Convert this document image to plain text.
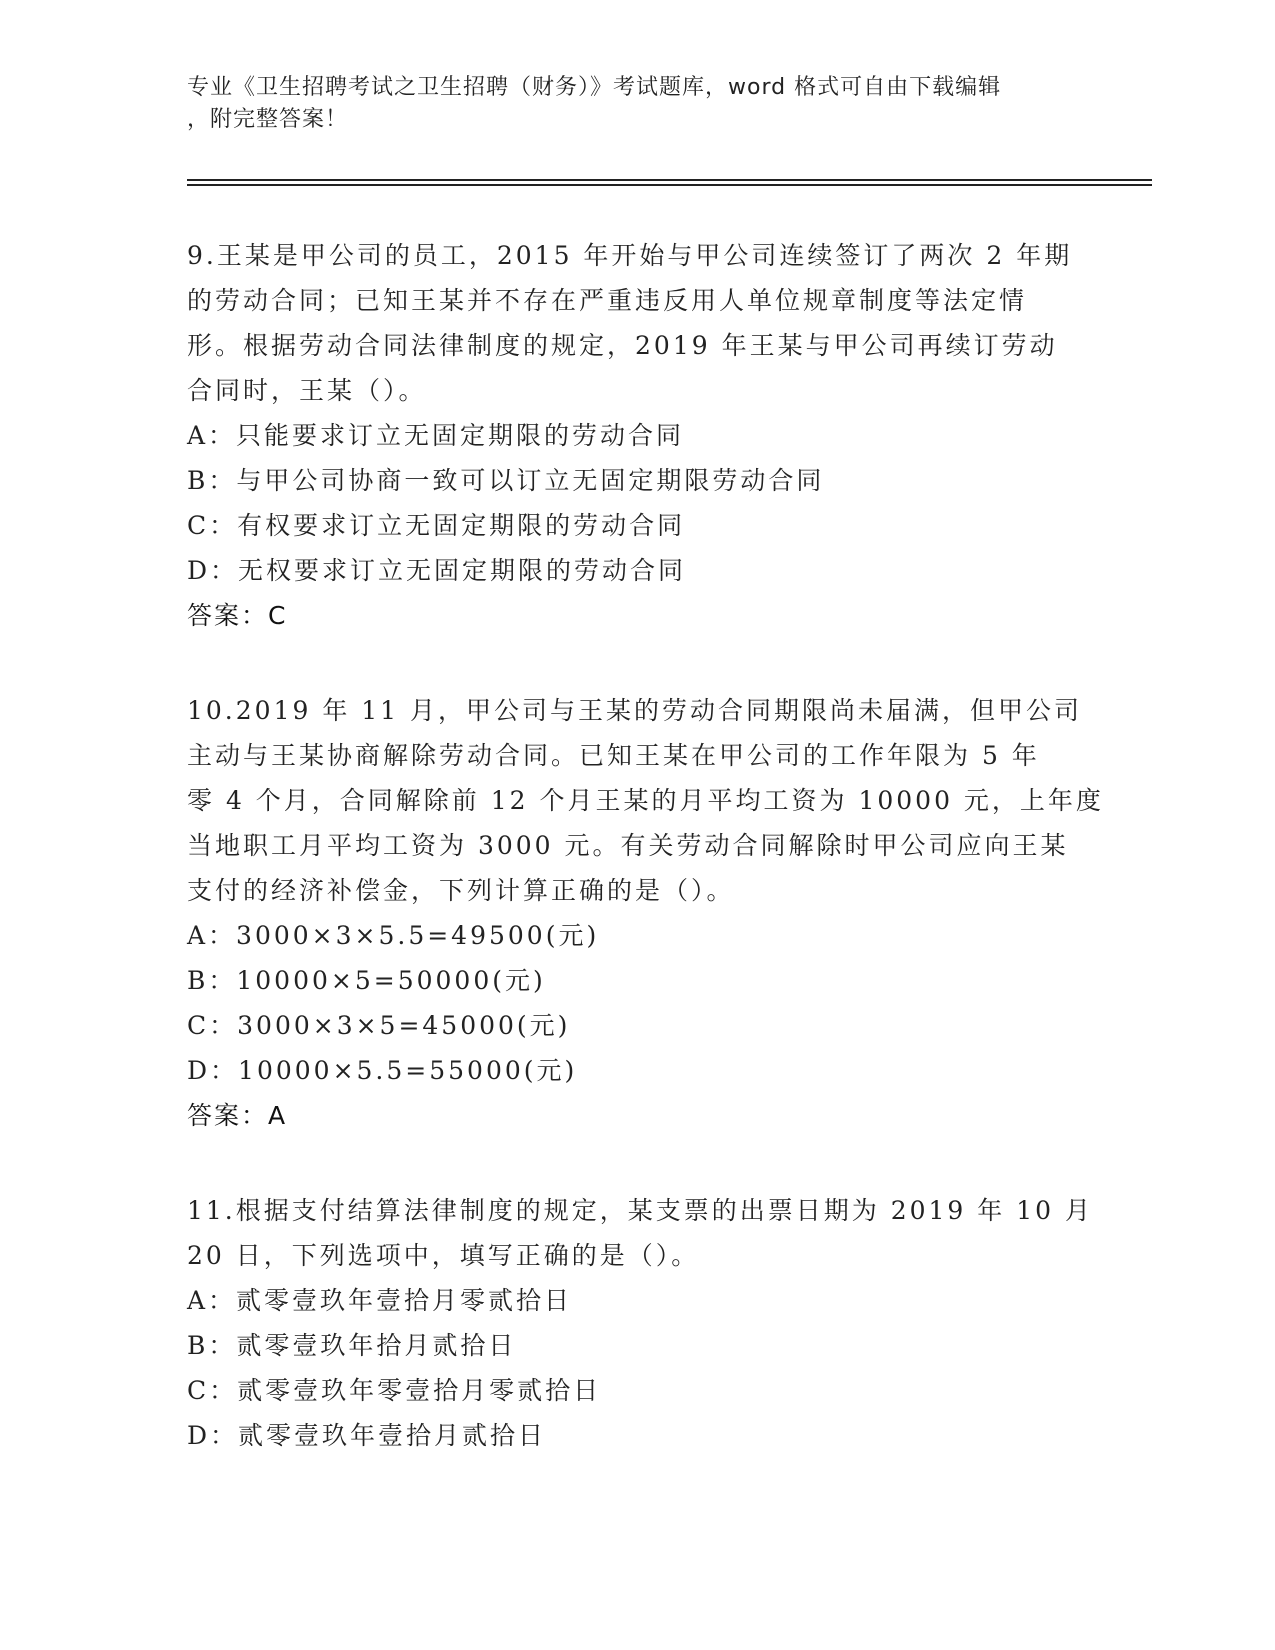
专业《卫生招聘考试之卫生招聘（财务）》考试题库，word 格式可自由下载编辑
，附完整答案！
9.王某是甲公司的员工，2015 年开始与甲公司连续签订了两次 2 年期
的劳动合同；已知王某并不存在严重违反用人单位规章制度等法定情
形。根据劳动合同法律制度的规定，2019 年王某与甲公司再续订劳动
合同时，王某（）。
A：只能要求订立无固定期限的劳动合同
B：与甲公司协商一致可以订立无固定期限劳动合同
C：有权要求订立无固定期限的劳动合同
D：无权要求订立无固定期限的劳动合同
答案：C
10.2019 年 11 月，甲公司与王某的劳动合同期限尚未届满，但甲公司
主动与王某协商解除劳动合同。已知王某在甲公司的工作年限为 5 年
零 4 个月，合同解除前 12 个月王某的月平均工资为 10000 元，上年度
当地职工月平均工资为 3000 元。有关劳动合同解除时甲公司应向王某
支付的经济补偿金，下列计算正确的是（）。
A：3000×3×5.5=49500(元)
B：10000×5=50000(元)
C：3000×3×5=45000(元)
D：10000×5.5=55000(元)
答案：A
11.根据支付结算法律制度的规定，某支票的出票日期为 2019 年 10 月
20 日，下列选项中，填写正确的是（）。
A：贰零壹玖年壹拾月零贰拾日
B：贰零壹玖年拾月贰拾日
C：贰零壹玖年零壹拾月零贰拾日
D：贰零壹玖年壹拾月贰拾日
